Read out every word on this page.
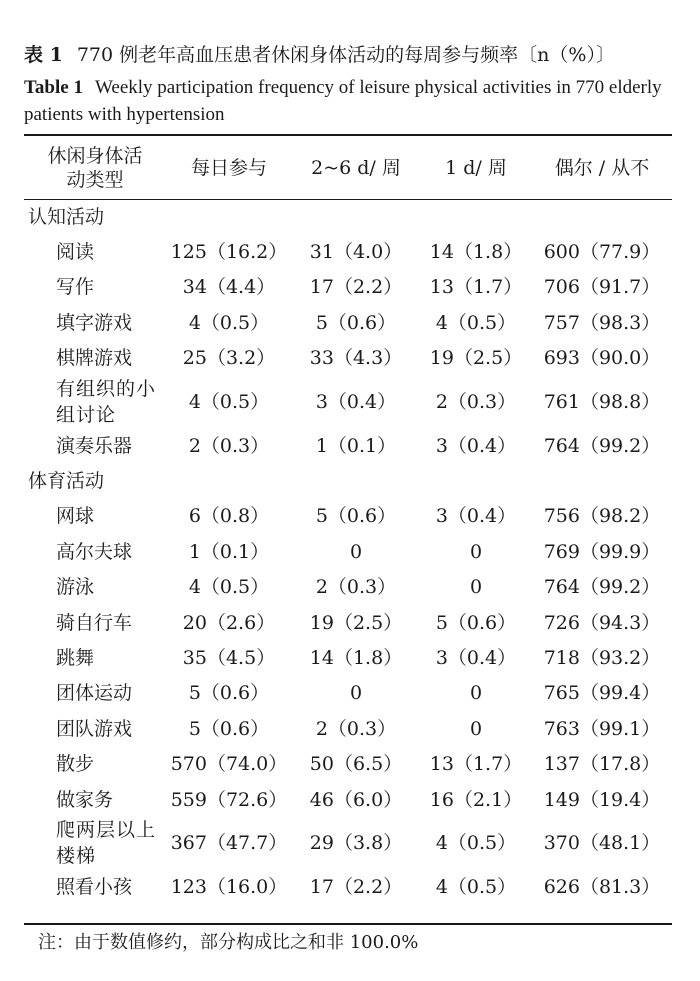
表 1 770 例老年高血压患者休闲身体活动的每周参与频率〔n（%）〕
Table 1 Weekly participation frequency of leisure physical activities in 770 elderly patients with hypertension
休闲身体活动类型	每日参与	2~6 d/ 周	1 d/ 周	偶尔 / 从不
认知活动				
阅读	125（16.2）	31（4.0）	14（1.8）	600（77.9）
写作	34（4.4）	17（2.2）	13（1.7）	706（91.7）
填字游戏	4（0.5）	5（0.6）	4（0.5）	757（98.3）
棋牌游戏	25（3.2）	33（4.3）	19（2.5）	693（90.0）
有组织的小组讨论	4（0.5）	3（0.4）	2（0.3）	761（98.8）
演奏乐器	2（0.3）	1（0.1）	3（0.4）	764（99.2）
体育活动				
网球	6（0.8）	5（0.6）	3（0.4）	756（98.2）
高尔夫球	1（0.1）	0	0	769（99.9）
游泳	4（0.5）	2（0.3）	0	764（99.2）
骑自行车	20（2.6）	19（2.5）	5（0.6）	726（94.3）
跳舞	35（4.5）	14（1.8）	3（0.4）	718（93.2）
团体运动	5（0.6）	0	0	765（99.4）
团队游戏	5（0.6）	2（0.3）	0	763（99.1）
散步	570（74.0）	50（6.5）	13（1.7）	137（17.8）
做家务	559（72.6）	46（6.0）	16（2.1）	149（19.4）
爬两层以上楼梯	367（47.7）	29（3.8）	4（0.5）	370（48.1）
照看小孩	123（16.0）	17（2.2）	4（0.5）	626（81.3）
注：由于数值修约，部分构成比之和非 100.0%
